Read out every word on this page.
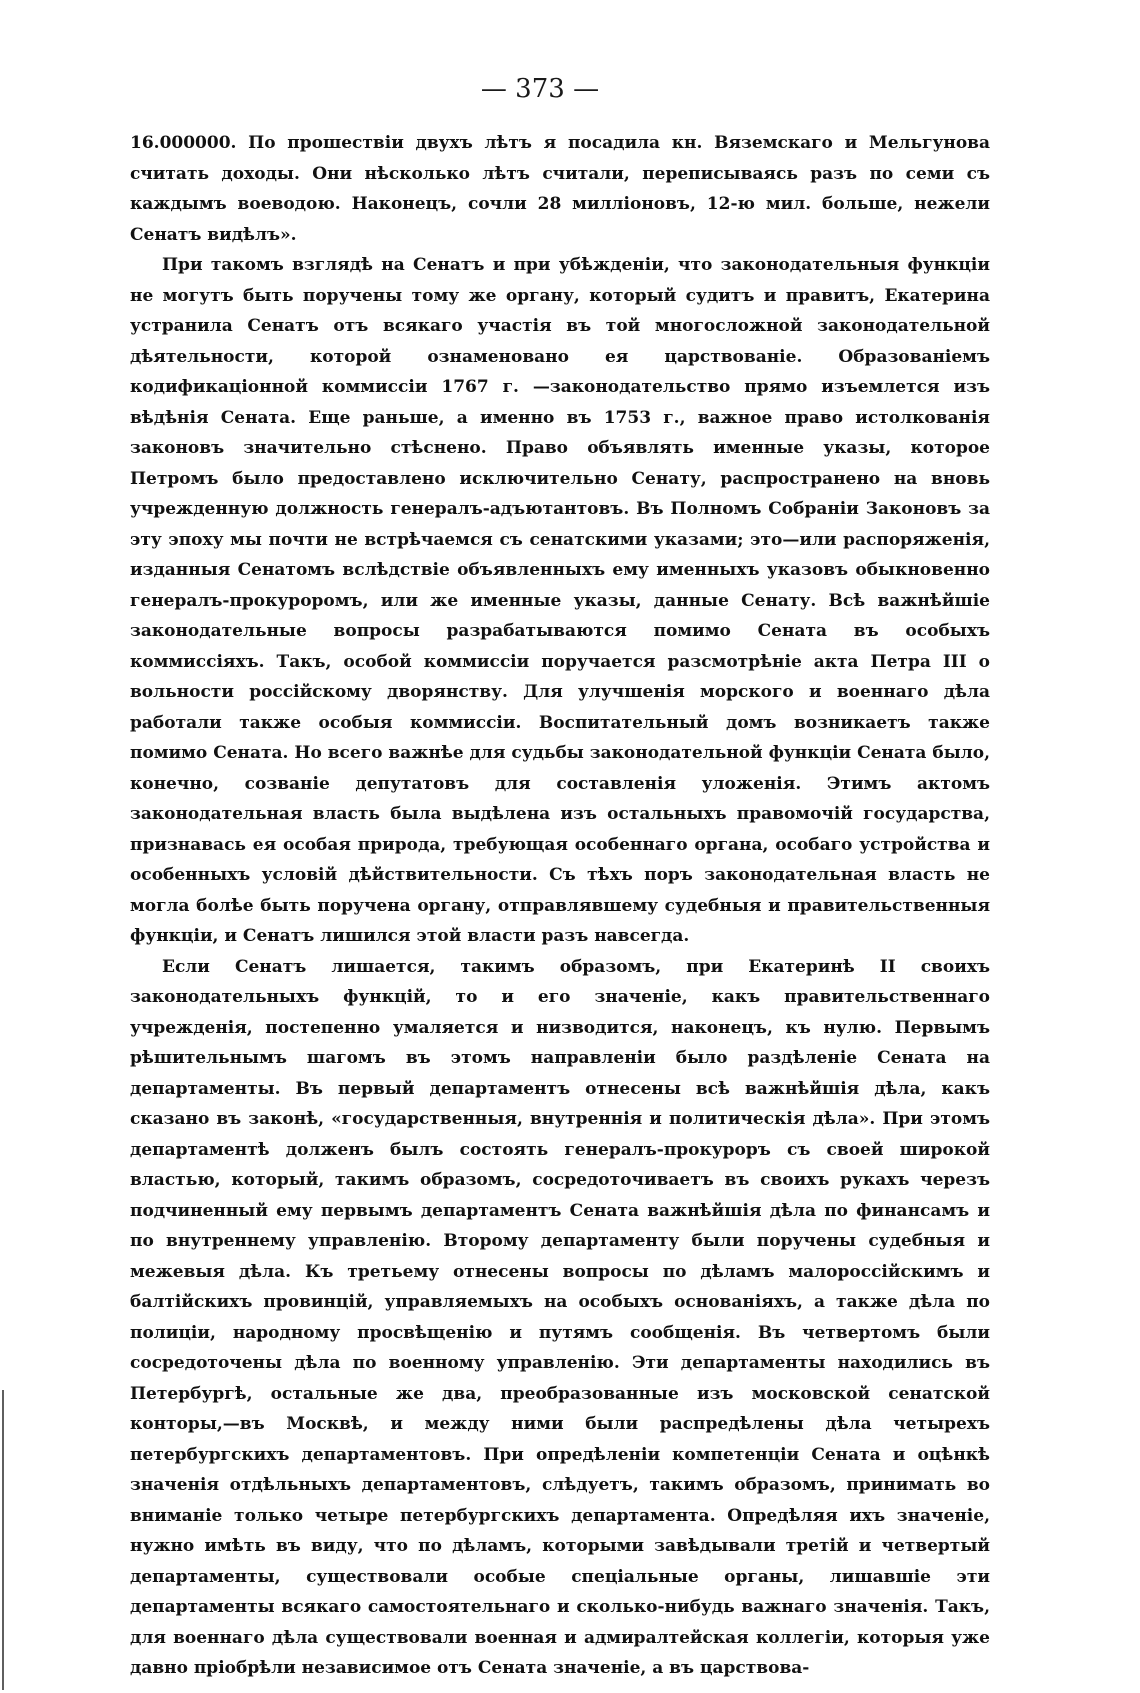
— 373 —

16.000000. По прошествіи двухъ лѣтъ я посадила кн. Вяземскаго и Мельгунова считать доходы. Они нѣсколько лѣтъ считали, переписываясь разъ по семи съ каждымъ воеводою. Наконецъ, сочли 28 милліоновъ, 12-ю мил. больше, нежели Сенатъ видѣлъ».

При такомъ взглядѣ на Сенатъ и при убѣжденіи, что законодательныя функціи не могутъ быть поручены тому же органу, который судитъ и правитъ, Екатерина устранила Сенатъ отъ всякаго участія въ той многосложной законодательной дѣятельности, которой ознаменовано ея царствованіе. Образованіемъ кодификаціонной коммиссіи 1767 г. —законодательство прямо изъемлется изъ вѣдѣнія Сената. Еще раньше, а именно въ 1753 г., важное право истолкованія законовъ значительно стѣснено. Право объявлять именные указы, которое Петромъ было предоставлено исключительно Сенату, распространено на вновь учрежденную должность генералъ-адъютантовъ. Въ Полномъ Собраніи Законовъ за эту эпоху мы почти не встрѣчаемся съ сенатскими указами; это—или распоряженія, изданныя Сенатомъ вслѣдствіе объявленныхъ ему именныхъ указовъ обыкновенно генералъ-прокуроромъ, или же именные указы, данные Сенату. Всѣ важнѣйшіе законодательные вопросы разрабатываются помимо Сената въ особыхъ коммиссіяхъ. Такъ, особой коммиссіи поручается разсмотрѣніе акта Петра III о вольности россійскому дворянству. Для улучшенія морского и военнаго дѣла работали также особыя коммиссіи. Воспитательный домъ возникаетъ также помимо Сената. Но всего важнѣе для судьбы законодательной функціи Сената было, конечно, созваніе депутатовъ для составленія уложенія. Этимъ актомъ законодательная власть была выдѣлена изъ остальныхъ правомочій государства, признавась ея особая природа, требующая особеннаго органа, особаго устройства и особенныхъ условій дѣйствительности. Съ тѣхъ поръ законодательная власть не могла болѣе быть поручена органу, отправлявшему судебныя и правительственныя функціи, и Сенатъ лишился этой власти разъ навсегда.

Если Сенатъ лишается, такимъ образомъ, при Екатеринѣ II своихъ законодательныхъ функцій, то и его значеніе, какъ правительственнаго учрежденія, постепенно умаляется и низводится, наконецъ, къ нулю. Первымъ рѣшительнымъ шагомъ въ этомъ направленіи было раздѣленіе Сената на департаменты. Въ первый департаментъ отнесены всѣ важнѣйшія дѣла, какъ сказано въ законѣ, «государственныя, внутреннія и политическія дѣла». При этомъ департаментѣ долженъ былъ состоять генералъ-прокуроръ съ своей широкой властью, который, такимъ образомъ, сосредоточиваетъ въ своихъ рукахъ черезъ подчиненный ему первымъ департаментъ Сената важнѣйшія дѣла по финансамъ и по внутреннему управленію. Второму департаменту были поручены судебныя и межевыя дѣла. Къ третьему отнесены вопросы по дѣламъ малороссійскимъ и балтійскихъ провинцій, управляемыхъ на особыхъ основаніяхъ, а также дѣла по полиціи, народному просвѣщенію и путямъ сообщенія. Въ четвертомъ были сосредоточены дѣла по военному управленію. Эти департаменты находились въ Петербургѣ, остальные же два, преобразованные изъ московской сенатской конторы,—въ Москвѣ, и между ними были распредѣлены дѣла четырехъ петербургскихъ департаментовъ. При опредѣленіи компетенціи Сената и оцѣнкѣ значенія отдѣльныхъ департаментовъ, слѣдуетъ, такимъ образомъ, принимать во вниманіе только четыре петербургскихъ департамента. Опредѣляя ихъ значеніе, нужно имѣть въ виду, что по дѣламъ, которыми завѣдывали третій и четвертый департаменты, существовали особые спеціальные органы, лишавшіе эти департаменты всякаго самостоятельнаго и сколько-нибудь важнаго значенія. Такъ, для военнаго дѣла существовали военная и адмиралтейская коллегіи, которыя уже давно пріобрѣли независимое отъ Сената значеніе, а въ царствова-
